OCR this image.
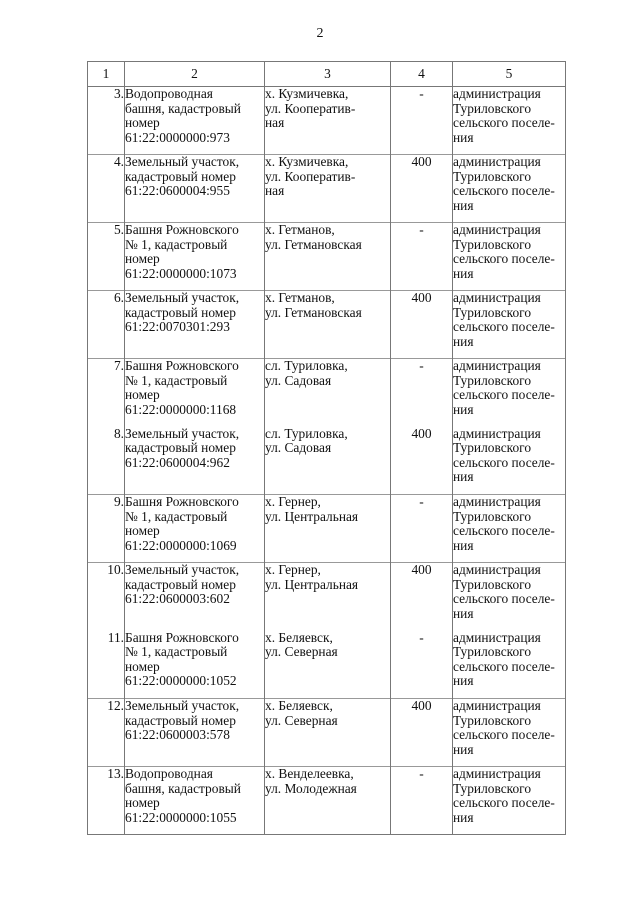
2
1	2	3	4	5
3.	Водопроводная
башня, кадастровый
номер
61:22:0000000:973	х. Кузмичевка,
ул. Кооператив-
ная	-	администрация
Туриловского
сельского поселе-
ния

4.	Земельный участок,
кадастровый номер
61:22:0600004:955	х. Кузмичевка,
ул. Кооператив-
ная	400	администрация
Туриловского
сельского поселе-
ния

5.	Башня Рожновского
№ 1, кадастровый
номер
61:22:0000000:1073	х. Гетманов,
ул. Гетмановская	-	администрация
Туриловского
сельского поселе-
ния

6.	Земельный участок,
кадастровый номер
61:22:0070301:293	х. Гетманов,
ул. Гетмановская	400	администрация
Туриловского
сельского поселе-
ния

7.	Башня Рожновского
№ 1, кадастровый
номер
61:22:0000000:1168	сл. Туриловка,
ул. Садовая	-	администрация
Туриловского
сельского поселе-
ния

8.	Земельный участок,
кадастровый номер
61:22:0600004:962	сл. Туриловка,
ул. Садовая	400	администрация
Туриловского
сельского поселе-
ния

9.	Башня Рожновского
№ 1, кадастровый
номер
61:22:0000000:1069	х. Гернер,
ул. Центральная	-	администрация
Туриловского
сельского поселе-
ния

10.	Земельный участок,
кадастровый номер
61:22:0600003:602	х. Гернер,
ул. Центральная	400	администрация
Туриловского
сельского поселе-
ния

11.	Башня Рожновского
№ 1, кадастровый
номер
61:22:0000000:1052	х. Беляевск,
ул. Северная	-	администрация
Туриловского
сельского поселе-
ния

12.	Земельный участок,
кадастровый номер
61:22:0600003:578	х. Беляевск,
ул. Северная	400	администрация
Туриловского
сельского поселе-
ния

13.	Водопроводная
башня, кадастровый
номер
61:22:0000000:1055	х. Венделеевка,
ул. Молодежная	-	администрация
Туриловского
сельского поселе-
ния
